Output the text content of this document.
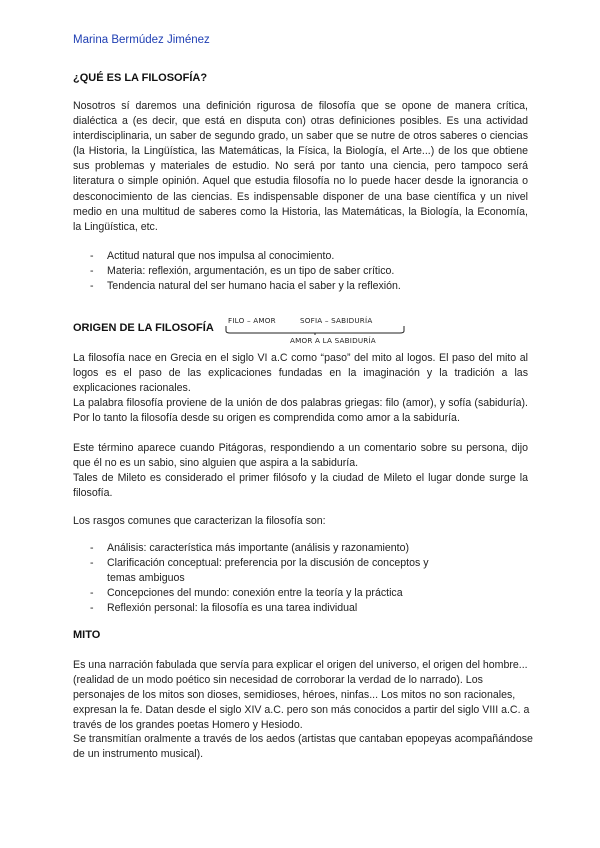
Marina Bermúdez Jiménez
¿QUÉ ES LA FILOSOFÍA?

Nosotros sí daremos una definición rigurosa de filosofía que se opone de manera crítica, dialéctica a (es decir, que está en disputa con) otras definiciones posibles. Es una actividad interdisciplinaria, un saber de segundo grado, un saber que se nutre de otros saberes o ciencias (la Historia, la Lingüística, las Matemáticas, la Física, la Biología, el Arte...) de los que obtiene sus problemas y materiales de estudio. No será por tanto una ciencia, pero tampoco será literatura o simple opinión. Aquel que estudia filosofía no lo puede hacer desde la ignorancia o desconocimiento de las ciencias. Es indispensable disponer de una base científica y un nivel medio en una multitud de saberes como la Historia, las Matemáticas, la Biología, la Economía, la Lingüística, etc.

- Actitud natural que nos impulsa al conocimiento.
- Materia: reflexión, argumentación, es un tipo de saber crítico.
- Tendencia natural del ser humano hacia el saber y la reflexión.
ORIGEN DE LA FILOSOFÍA
FILO – AMOR	SOFIA – SABIDURÍA
AMOR A LA SABIDURÍA

La filosofía nace en Grecia en el siglo VI a.C como “paso” del mito al logos. El paso del mito al logos es el paso de las explicaciones fundadas en la imaginación y la tradición a las explicaciones racionales.

La palabra filosofía proviene de la unión de dos palabras griegas: filo (amor), y sofía (sabiduría). Por lo tanto la filosofía desde su origen es comprendida como amor a la sabiduría.

Este término aparece cuando Pitágoras, respondiendo a un comentario sobre su persona, dijo que él no es un sabio, sino alguien que aspira a la sabiduría.

Tales de Mileto es considerado el primer filósofo y la ciudad de Mileto el lugar donde surge la filosofía.

Los rasgos comunes que caracterizan la filosofía son:

- Análisis: característica más importante (análisis y razonamiento)
- Clarificación conceptual: preferencia por la discusión de conceptos y temas ambiguos
- Concepciones del mundo: conexión entre la teoría y la práctica
- Reflexión personal: la filosofía es una tarea individual
MITO

Es una narración fabulada que servía para explicar el origen del universo, el origen del hombre... (realidad de un modo poético sin necesidad de corroborar la verdad de lo narrado). Los personajes de los mitos son dioses, semidioses, héroes, ninfas... Los mitos no son racionales, expresan la fe. Datan desde el siglo XIV a.C. pero son más conocidos a partir del siglo VIII a.C. a través de los grandes poetas Homero y Hesiodo.

Se transmitían oralmente a través de los aedos (artistas que cantaban epopeyas acompañándose de un instrumento musical).
